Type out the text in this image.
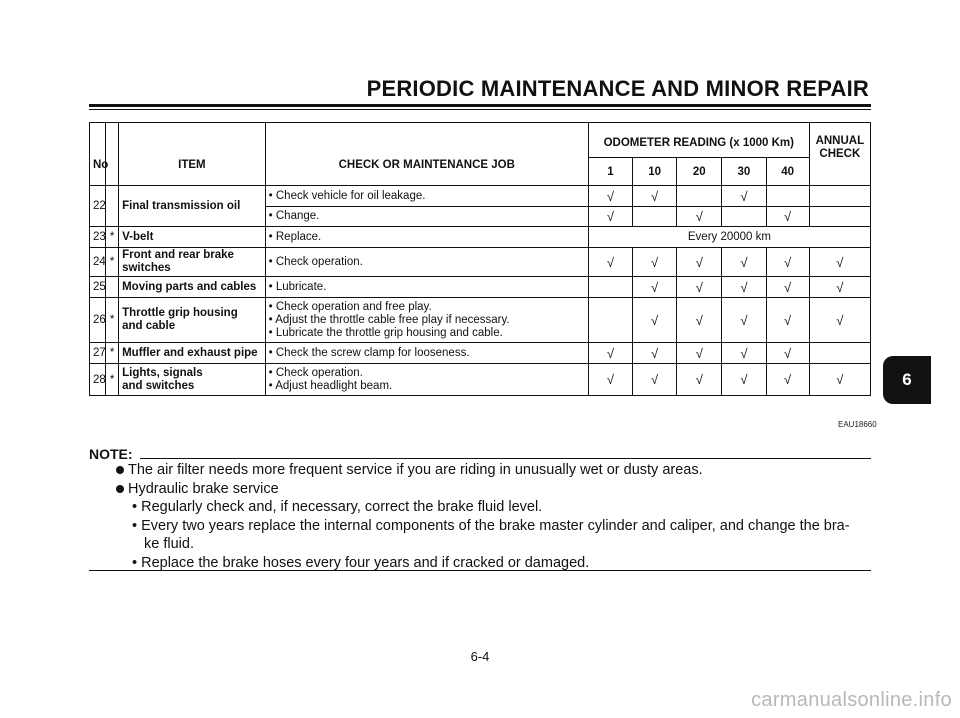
PERIODIC MAINTENANCE AND MINOR REPAIR
No		ITEM	CHECK OR MAINTENANCE JOB	ODOMETER READING (x 1000 Km)					ANNUAL CHECK
				1	10	20	30	40	
22		Final transmission oil	• Check vehicle for oil leakage.	√	√		√		
			• Change.	√		√		√	
23	*	V-belt	• Replace.	Every 20000 km					
24	*	Front and rear brake
switches	• Check operation.	√	√	√	√	√	√
25		Moving parts and cables	• Lubricate.		√	√	√	√	√
26	*	Throttle grip housing
and cable	• Check operation and free play.
• Adjust the throttle cable free play if necessary.
• Lubricate the throttle grip housing and cable.		√	√	√	√	√
27	*	Muffler and exhaust pipe	• Check the screw clamp for looseness.	√	√	√	√	√	
28	*	Lights, signals
and switches	• Check operation.
• Adjust headlight beam.	√	√	√	√	√	√
EAU18660
NOTE:
The air filter needs more frequent service if you are riding in unusually wet or dusty areas.
Hydraulic brake service
• Regularly check and, if necessary, correct the brake fluid level.
• Every two years replace the internal components of the brake master cylinder and caliper, and change the bra-
ke fluid.
• Replace the brake hoses every four years and if cracked or damaged.
6-4
6
carmanualsonline.info
